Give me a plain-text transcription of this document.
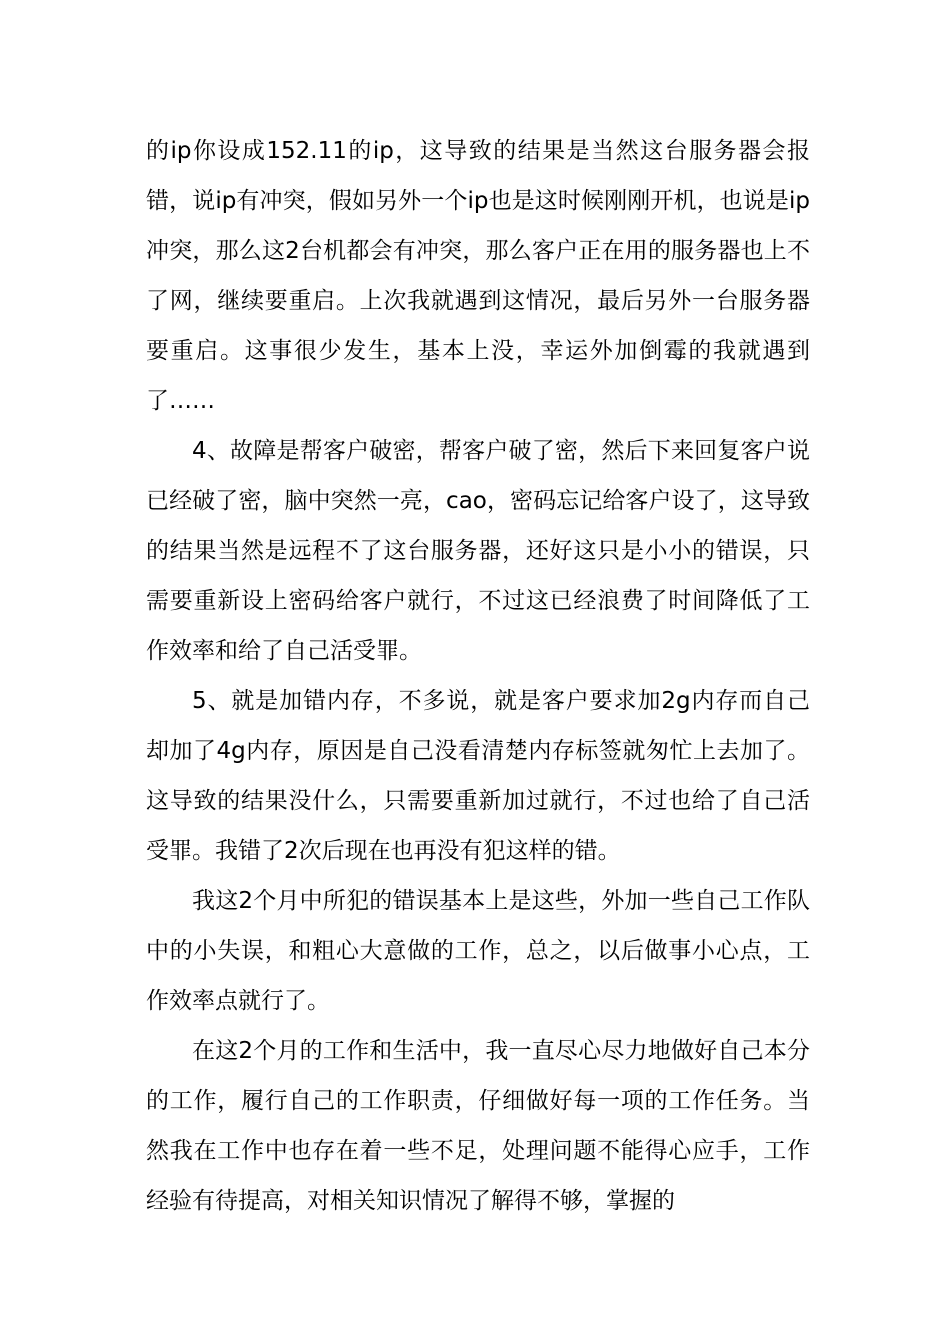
的ip你设成152.11的ip，这导致的结果是当然这台服务器会报错，说ip有冲突，假如另外一个ip也是这时候刚刚开机，也说是ip冲突，那么这2台机都会有冲突，那么客户正在用的服务器也上不了网，继续要重启。上次我就遇到这情况，最后另外一台服务器要重启。这事很少发生，基本上没，幸运外加倒霉的我就遇到了……

4、故障是帮客户破密，帮客户破了密，然后下来回复客户说已经破了密，脑中突然一亮，cao，密码忘记给客户设了，这导致的结果当然是远程不了这台服务器，还好这只是小小的错误，只需要重新设上密码给客户就行，不过这已经浪费了时间降低了工作效率和给了自己活受罪。

5、就是加错内存，不多说，就是客户要求加2g内存而自己却加了4g内存，原因是自己没看清楚内存标签就匆忙上去加了。这导致的结果没什么，只需要重新加过就行，不过也给了自己活受罪。我错了2次后现在也再没有犯这样的错。

我这2个月中所犯的错误基本上是这些，外加一些自己工作队中的小失误，和粗心大意做的工作，总之，以后做事小心点，工作效率点就行了。

在这2个月的工作和生活中，我一直尽心尽力地做好自己本分的工作，履行自己的工作职责，仔细做好每一项的工作任务。当然我在工作中也存在着一些不足，处理问题不能得心应手，工作经验有待提高，对相关知识情况了解得不够，掌握的
